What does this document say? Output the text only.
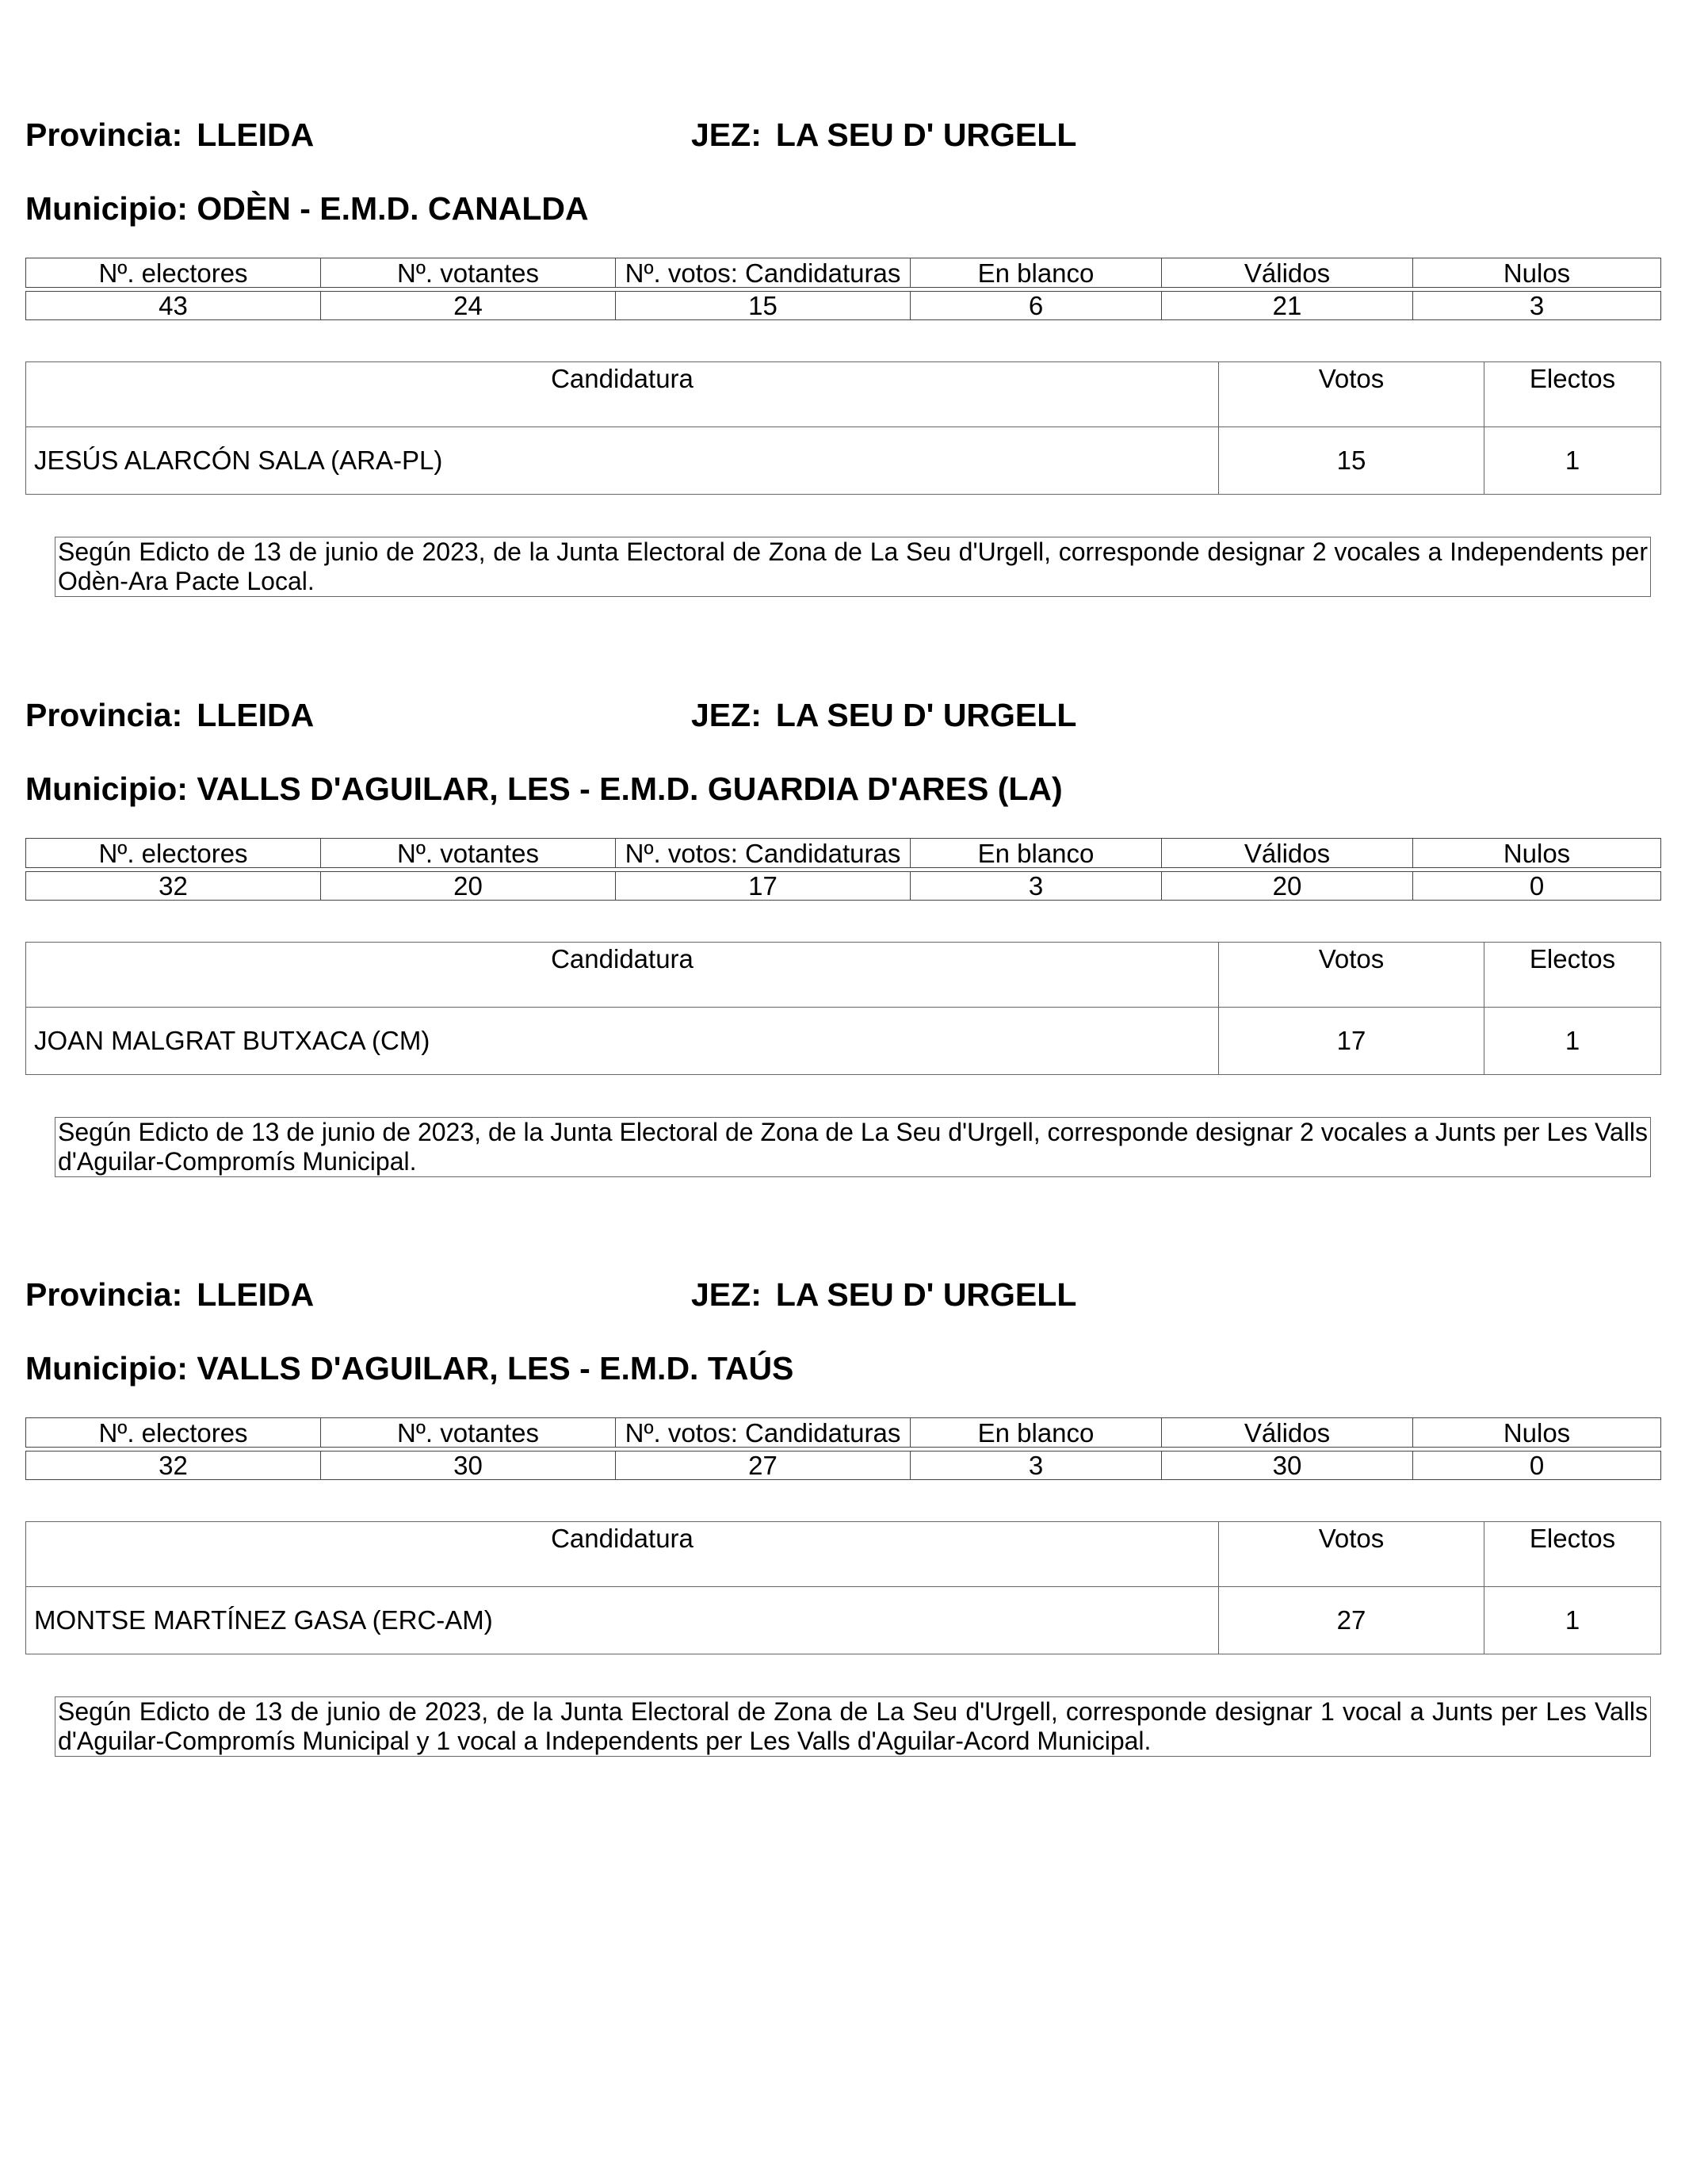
Provincia: LLEIDA	JEZ: LA SEU D' URGELL
Municipio: ODÈN - E.M.D. CANALDA
Nº. electores	Nº. votantes	Nº. votos: Candidaturas	En blanco	Válidos	Nulos

43	24	15	6	21	3
Candidatura	Votos	Electos
JESÚS ALARCÓN SALA (ARA-PL)	15	1
Según Edicto de 13 de junio de 2023, de la Junta Electoral de Zona de La Seu d'Urgell, corresponde designar 2 vocales a Independents per Odèn-Ara Pacte Local.
Provincia: LLEIDA	JEZ: LA SEU D' URGELL
Municipio: VALLS D'AGUILAR, LES - E.M.D. GUARDIA D'ARES (LA)
Nº. electores	Nº. votantes	Nº. votos: Candidaturas	En blanco	Válidos	Nulos

32	20	17	3	20	0
Candidatura	Votos	Electos
JOAN MALGRAT BUTXACA (CM)	17	1
Según Edicto de 13 de junio de 2023, de la Junta Electoral de Zona de La Seu d'Urgell, corresponde designar 2 vocales a Junts per Les Valls d'Aguilar-Compromís Municipal.
Provincia: LLEIDA	JEZ: LA SEU D' URGELL
Municipio: VALLS D'AGUILAR, LES - E.M.D. TAÚS
Nº. electores	Nº. votantes	Nº. votos: Candidaturas	En blanco	Válidos	Nulos

32	30	27	3	30	0
Candidatura	Votos	Electos
MONTSE MARTÍNEZ GASA (ERC-AM)	27	1
Según Edicto de 13 de junio de 2023, de la Junta Electoral de Zona de La Seu d'Urgell, corresponde designar 1 vocal a Junts per Les Valls d'Aguilar-Compromís Municipal y 1 vocal a Independents per Les Valls d'Aguilar-Acord Municipal.
